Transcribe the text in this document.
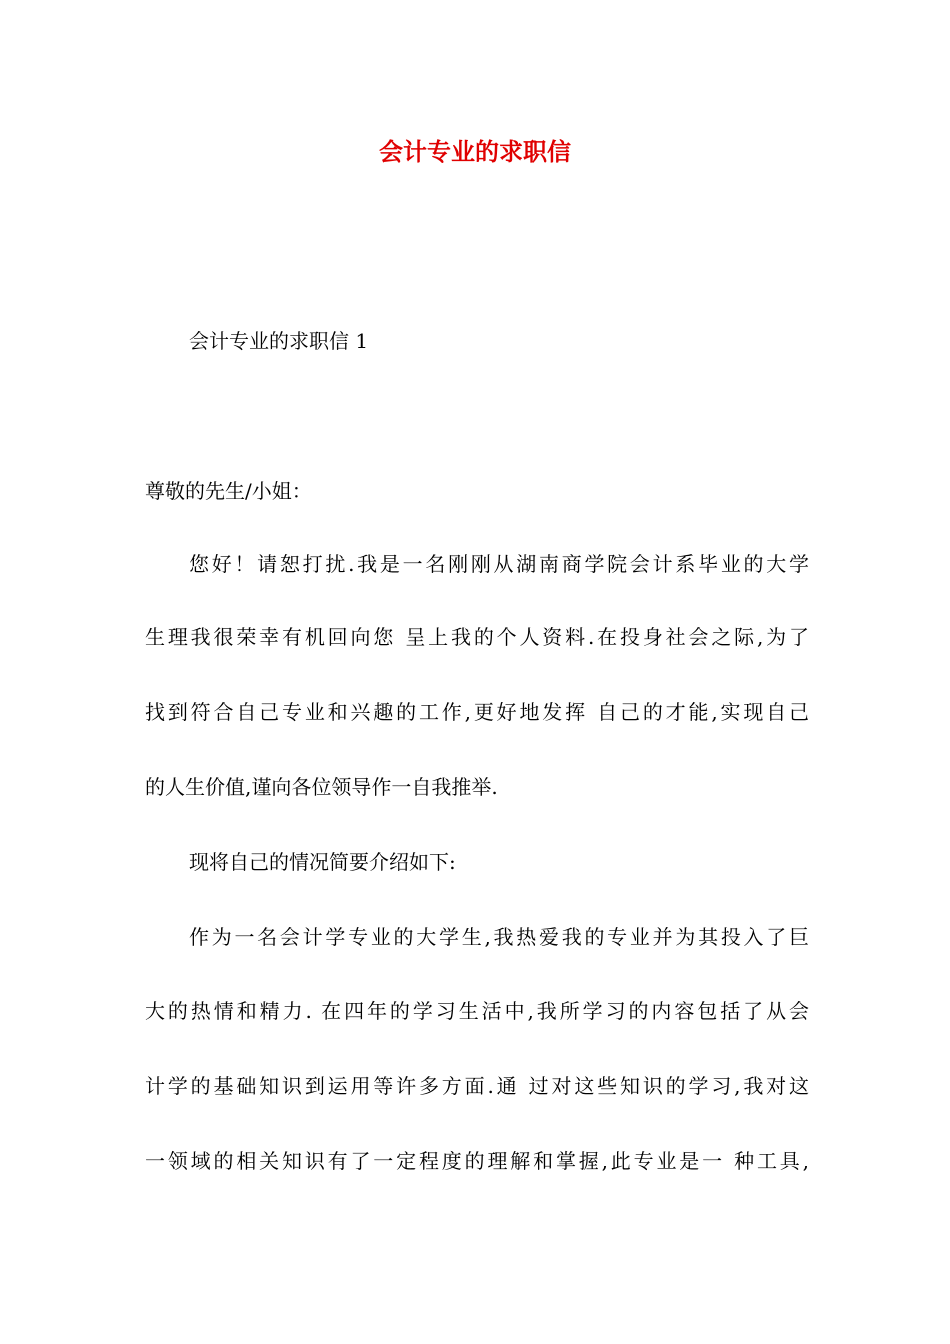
会计专业的求职信
会计专业的求职信 1
尊敬的先生/小姐：
您好！请恕打扰.我是一名刚刚从湖南商学院会计系毕业的大学
生理我很荣幸有机回向您 呈上我的个人资料.在投身社会之际,为了
找到符合自己专业和兴趣的工作,更好地发挥 自己的才能,实现自己
的人生价值,谨向各位领导作一自我推举.
现将自己的情况简要介绍如下:
作为一名会计学专业的大学生,我热爱我的专业并为其投入了巨
大的热情和精力. 在四年的学习生活中,我所学习的内容包括了从会
计学的基础知识到运用等许多方面.通 过对这些知识的学习,我对这
一领域的相关知识有了一定程度的理解和掌握,此专业是一 种工具,
